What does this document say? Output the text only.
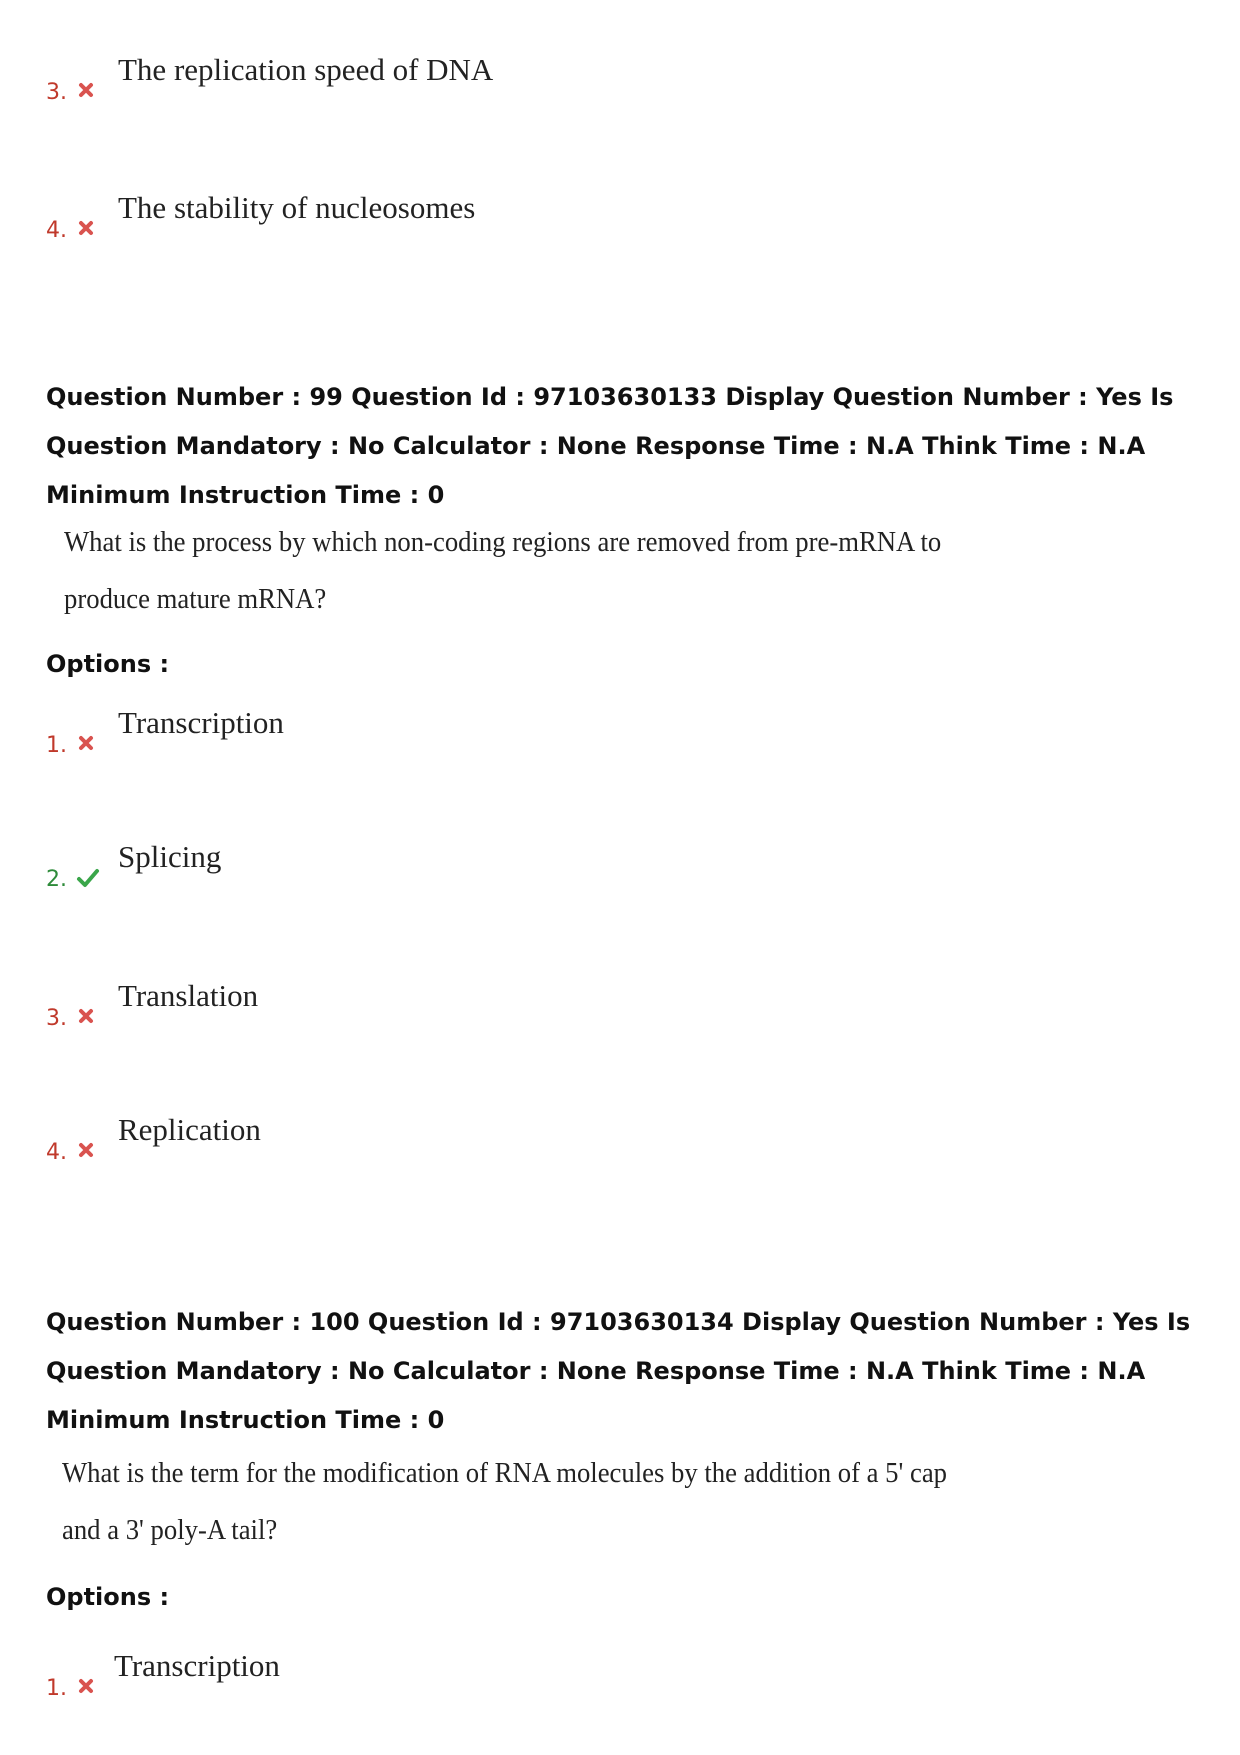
3.
The replication speed of DNA
4.
The stability of nucleosomes
Question Number : 99 Question Id : 97103630133 Display Question Number : Yes Is Question Mandatory : No Calculator : None Response Time : N.A Think Time : N.A Minimum Instruction Time : 0
What is the process by which non-coding regions are removed from pre-mRNA to
produce mature mRNA?
Options :
1.
Transcription
2.
Splicing
3.
Translation
4.
Replication
Question Number : 100 Question Id : 97103630134 Display Question Number : Yes Is Question Mandatory : No Calculator : None Response Time : N.A Think Time : N.A Minimum Instruction Time : 0
What is the term for the modification of RNA molecules by the addition of a 5' cap
and a 3' poly-A tail?
Options :
1.
Transcription
